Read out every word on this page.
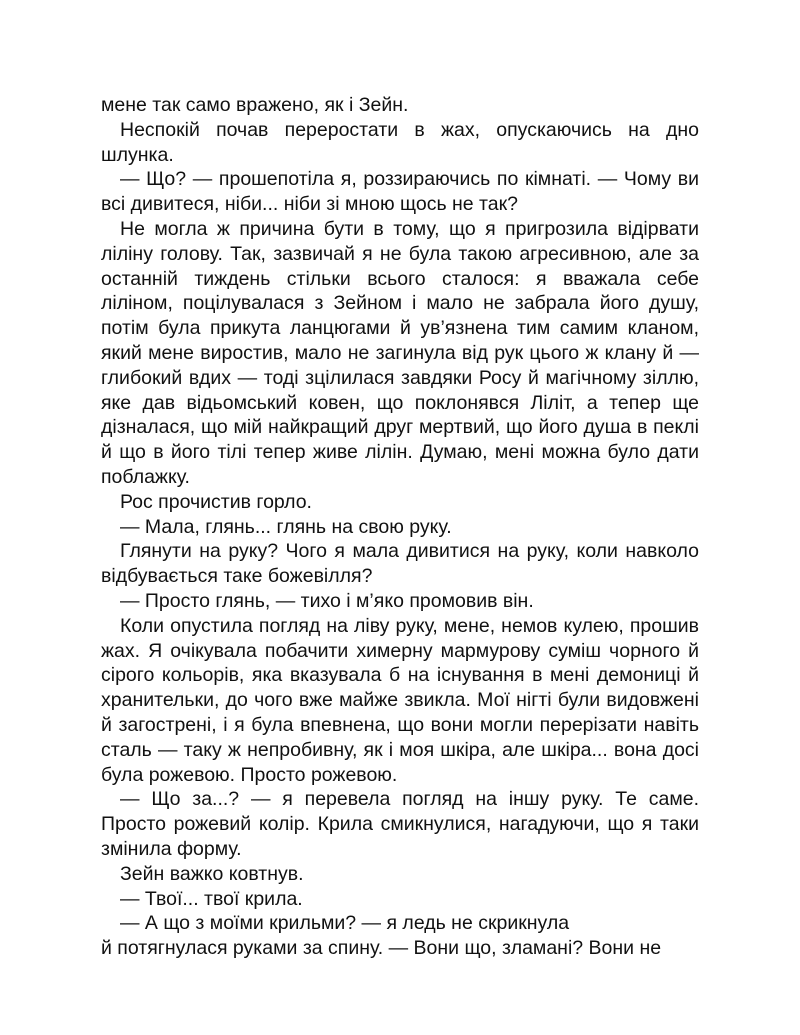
мене так само вражено, як і Зейн.

Неспокій почав переростати в жах, опускаючись на дно шлунка.

— Що? — прошепотіла я, роззираючись по кімнаті. — Чому ви всі дивитеся, ніби... ніби зі мною щось не так?

Не могла ж причина бути в тому, що я пригрозила відірвати ліліну голову. Так, зазвичай я не була такою агресивною, але за останній тиждень стільки всього сталося: я вважала себе ліліном, поцілувалася з Зейном і мало не забрала його душу, потім була прикута ланцюгами й ув’язнена тим самим кланом, який мене виростив, мало не загинула від рук цього ж клану й — глибокий вдих — тоді зцілилася завдяки Росу й магічному зіллю, яке дав відьомський ковен, що поклонявся Ліліт, а тепер ще дізналася, що мій найкращий друг мертвий, що його душа в пеклі й що в його тілі тепер живе лілін. Думаю, мені можна було дати поблажку.

Рос прочистив горло.

— Мала, глянь... глянь на свою руку.

Глянути на руку? Чого я мала дивитися на руку, коли навколо відбувається таке божевілля?

— Просто глянь, — тихо і м’яко промовив він.

Коли опустила погляд на ліву руку, мене, немов кулею, прошив жах. Я очікувала побачити химерну мармурову суміш чорного й сірого кольорів, яка вказувала б на існування в мені демониці й хранительки, до чого вже майже звикла. Мої нігті були видовжені й загострені, і я була впевнена, що вони могли перерізати навіть сталь — таку ж непробивну, як і моя шкіра, але шкіра... вона досі була рожевою. Просто рожевою.

— Що за...? — я перевела погляд на іншу руку. Те саме. Просто рожевий колір. Крила смикнулися, нагадуючи, що я таки змінила форму.

Зейн важко ковтнув.

— Твої... твої крила.

— А що з моїми крильми? — я ледь не скрикнула

й потягнулася руками за спину. — Вони що, зламані? Вони не
